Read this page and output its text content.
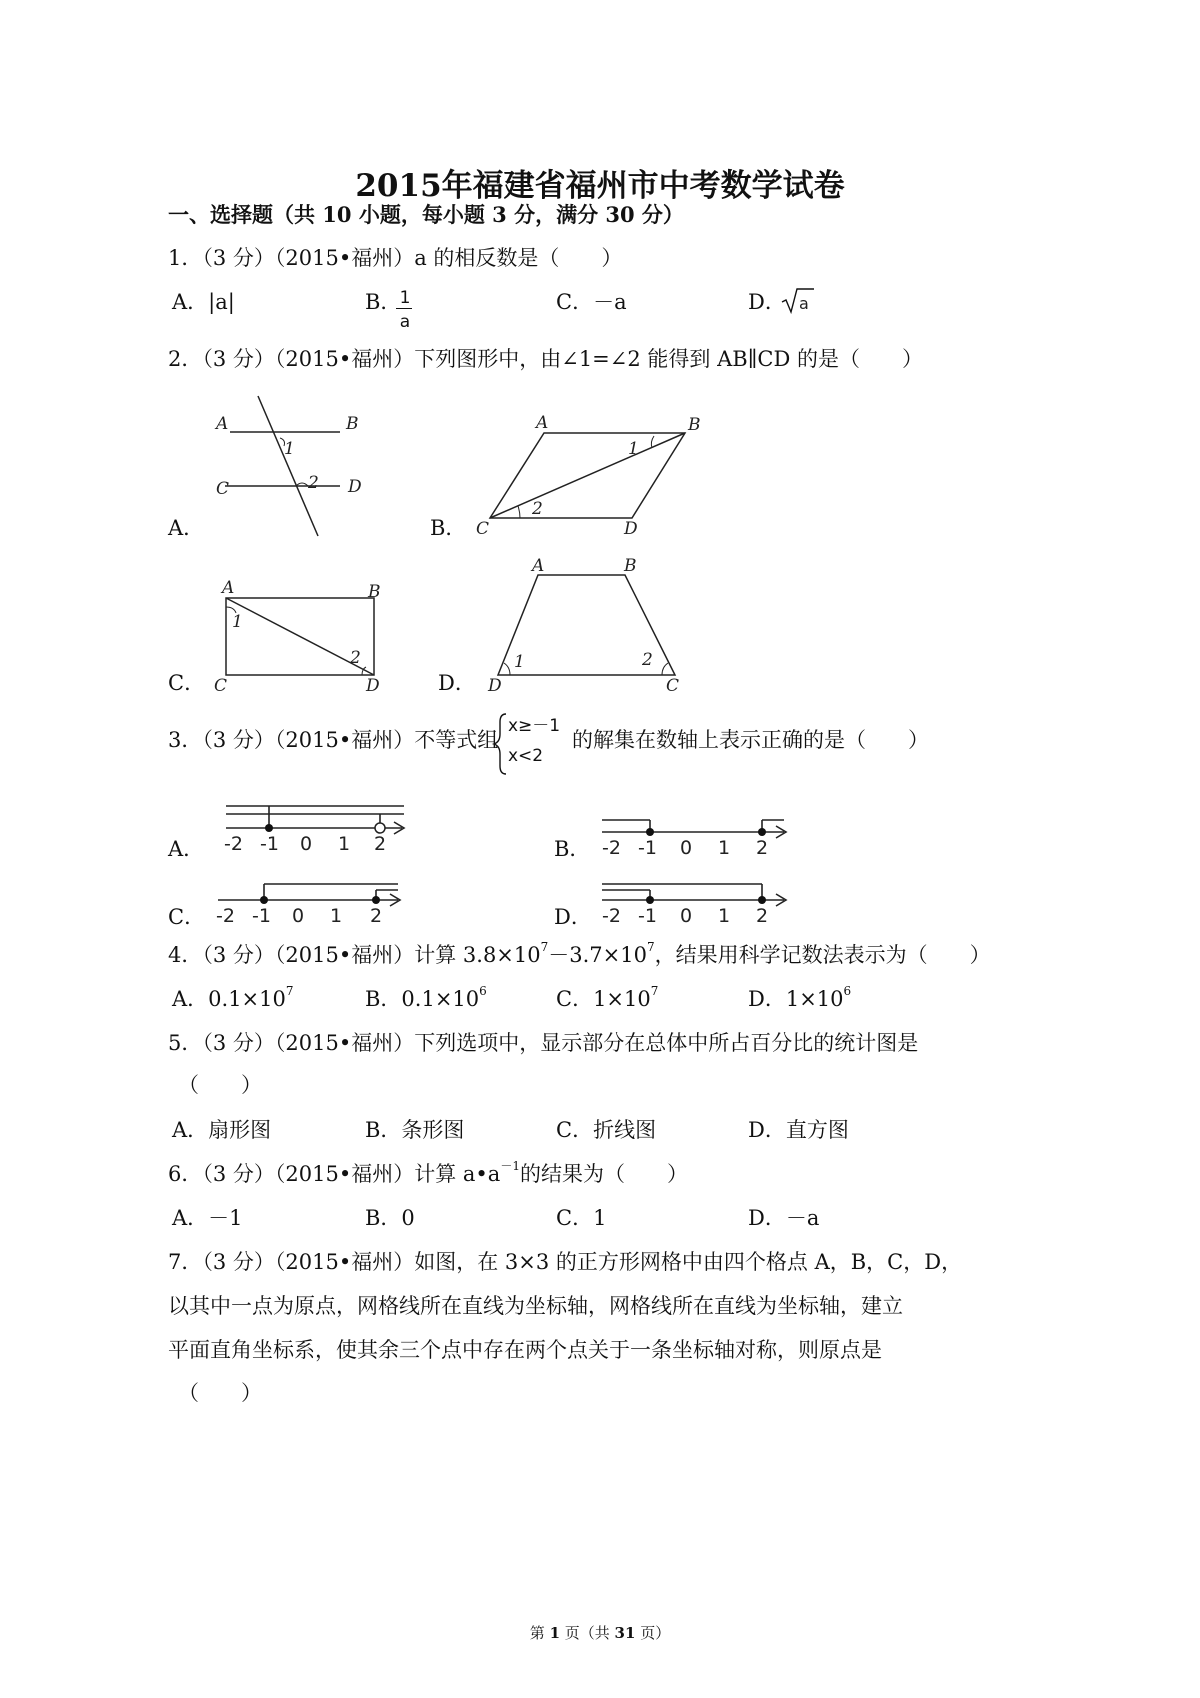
2015年福建省福州市中考数学试卷
一、选择题（共 10 小题，每小题 3 分，满分 30 分）
1．（3 分）（2015•福州）a 的相反数是（　　）
A．|a|	B．
1
a
C．－a	D． a
2．（3 分）（2015•福州）下列图形中，由∠1=∠2 能得到 AB∥CD 的是（　　）
A	B
C	D
1
2
A．
A	B
C	D
1
2
B．
A	B
C	D
1
2
C．
A	B
D	C
1	2
D．
3．（3 分）（2015•福州）不等式组
x≥－1
x<2
的解集在数轴上表示正确的是（　　）
-2 -1 0 1 2
A．	-2 -1 0 1 2
B．
-2 -1 0 1 2
C．	-2 -1 0 1 2
D．
4．（3 分）（2015•福州）计算 $3.8\times 10^7-3.7\times 10^7$，结果用科学记数法表示为（　　）
A．$0.1\times 10^7$	B．$0.1\times 10^6$	C．$1\times 10^7$	D．$1\times 10^6$
5．（3 分）（2015•福州）下列选项中，显示部分在总体中所占百分比的统计图是
（　　）
A．扇形图	B．条形图	C．折线图	D．直方图
6．（3 分）（2015•福州）计算 $a•a^{-1}$的结果为（　　）
A．－1	B．0	C．1	D．－a
7．（3 分）（2015•福州）如图，在 3×3 的正方形网格中由四个格点 A，B，C，D，
以其中一点为原点，网格线所在直线为坐标轴，网格线所在直线为坐标轴，建立
平面直角坐标系，使其余三个点中存在两个点关于一条坐标轴对称，则原点是
（　　）
第 1 页（共 31 页）
